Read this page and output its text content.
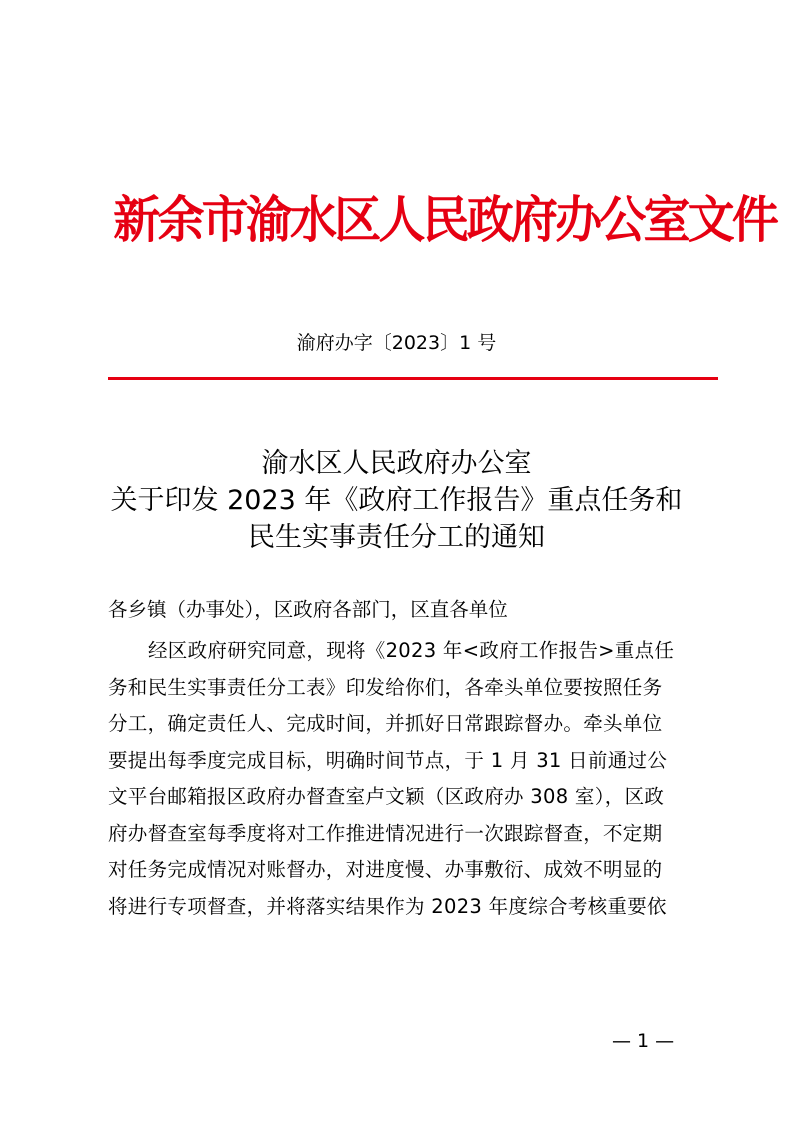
新余市渝水区人民政府办公室文件
渝府办字〔2023〕1 号
渝水区人民政府办公室
关于印发 2023 年《政府工作报告》重点任务和
民生实事责任分工的通知
各乡镇（办事处），区政府各部门，区直各单位
经区政府研究同意，现将《2023 年<政府工作报告>重点任
务和民生实事责任分工表》印发给你们，各牵头单位要按照任务
分工，确定责任人、完成时间，并抓好日常跟踪督办。牵头单位
要提出每季度完成目标，明确时间节点，于 1 月 31 日前通过公
文平台邮箱报区政府办督查室卢文颖（区政府办 308 室），区政
府办督查室每季度将对工作推进情况进行一次跟踪督查，不定期
对任务完成情况对账督办，对进度慢、办事敷衍、成效不明显的
将进行专项督查，并将落实结果作为 2023 年度综合考核重要依
— 1 —
